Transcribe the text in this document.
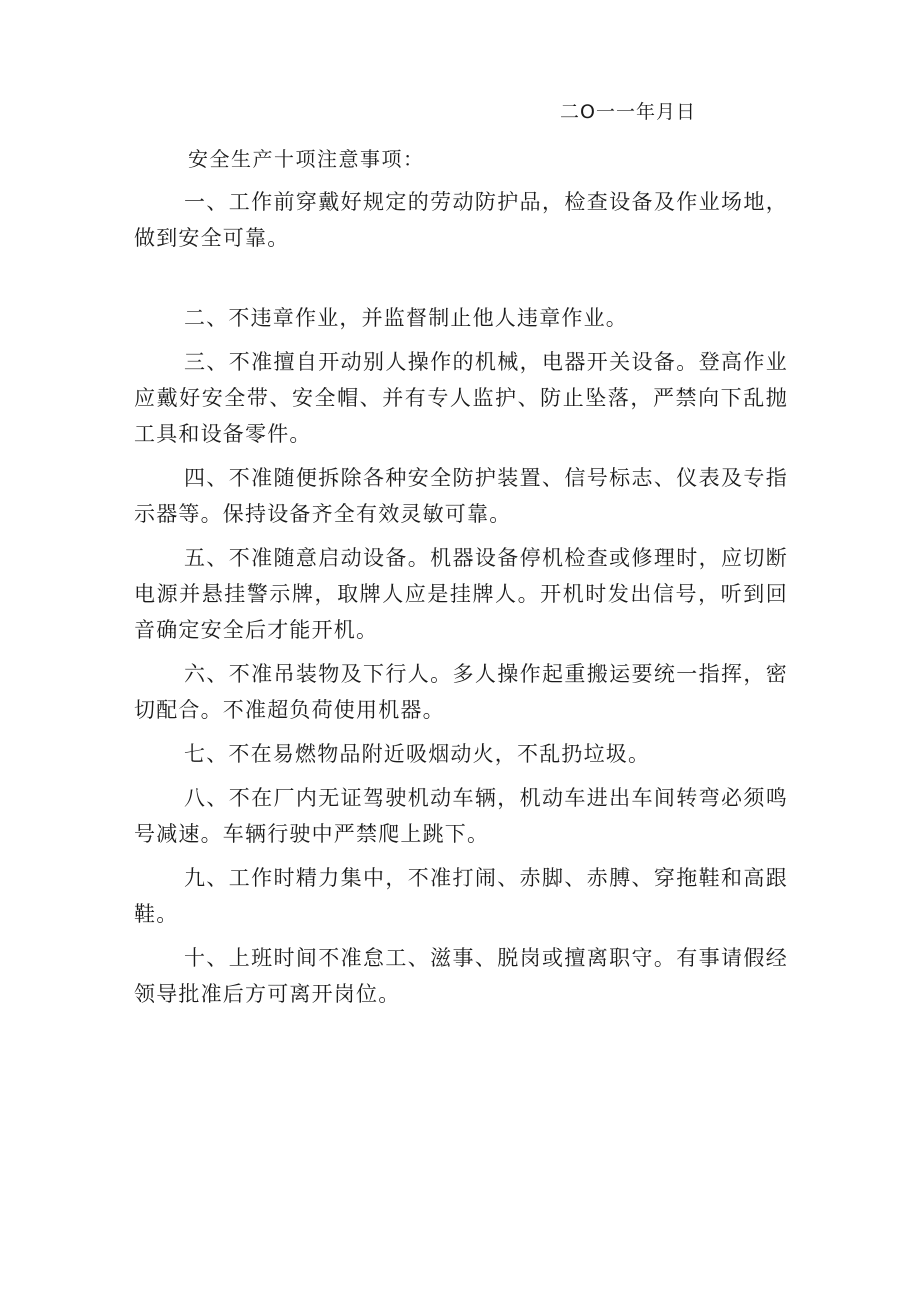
二O一一年月日
安全生产十项注意事项：

一、工作前穿戴好规定的劳动防护品，检查设备及作业场地，做到安全可靠。

二、不违章作业，并监督制止他人违章作业。

三、不准擅自开动别人操作的机械，电器开关设备。登高作业应戴好安全带、安全帽、并有专人监护、防止坠落，严禁向下乱抛工具和设备零件。

四、不准随便拆除各种安全防护装置、信号标志、仪表及专指示器等。保持设备齐全有效灵敏可靠。

五、不准随意启动设备。机器设备停机检查或修理时，应切断电源并悬挂警示牌，取牌人应是挂牌人。开机时发出信号，听到回音确定安全后才能开机。

六、不准吊装物及下行人。多人操作起重搬运要统一指挥，密切配合。不准超负荷使用机器。

七、不在易燃物品附近吸烟动火，不乱扔垃圾。

八、不在厂内无证驾驶机动车辆，机动车进出车间转弯必须鸣号减速。车辆行驶中严禁爬上跳下。

九、工作时精力集中，不准打闹、赤脚、赤膊、穿拖鞋和高跟鞋。

十、上班时间不准怠工、滋事、脱岗或擅离职守。有事请假经领导批准后方可离开岗位。
